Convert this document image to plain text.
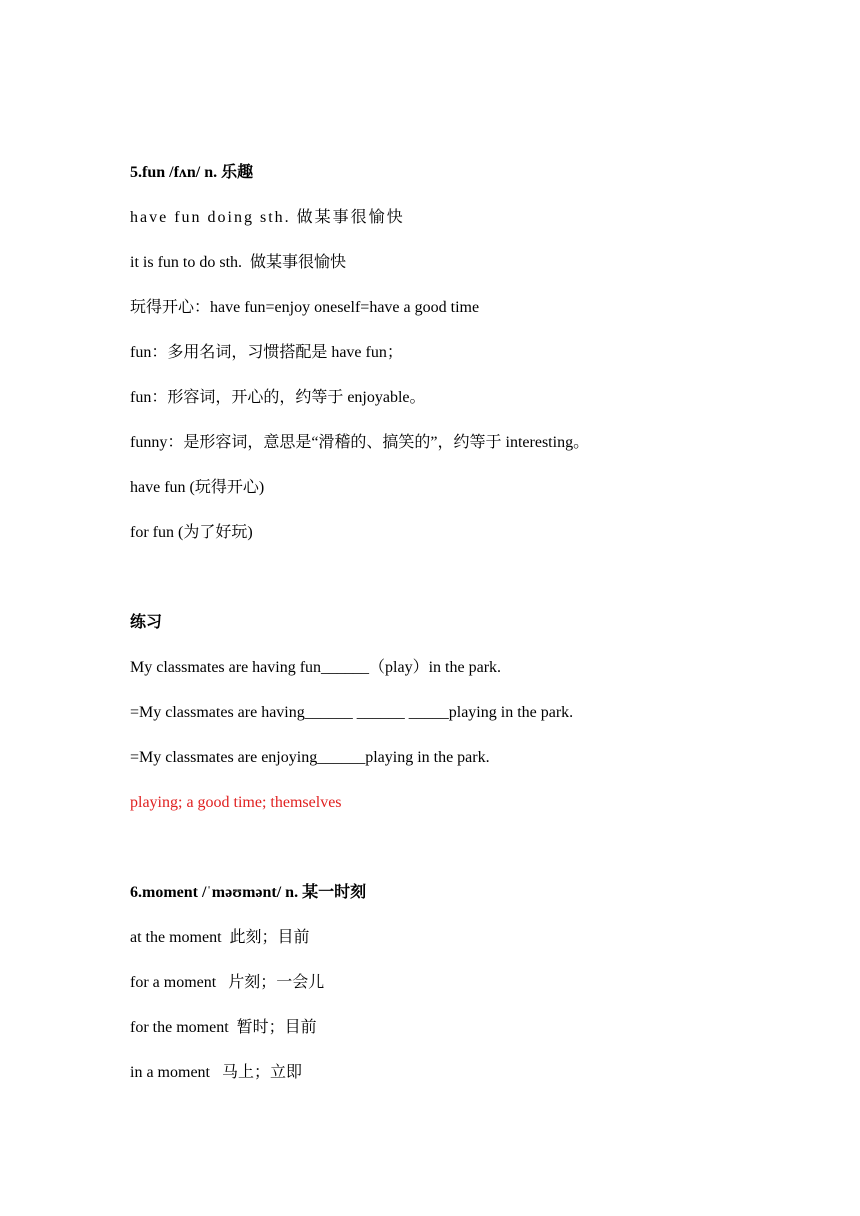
5.fun /fʌn/ n. 乐趣
have fun doing sth. 做某事很愉快
it is fun to do sth.  做某事很愉快
玩得开心：have fun=enjoy oneself=have a good time
fun：多用名词，习惯搭配是 have fun；
fun：形容词，开心的，约等于 enjoyable。
funny：是形容词，意思是“滑稽的、搞笑的”，约等于 interesting。
have fun (玩得开心)
for fun (为了好玩)
练习
My classmates are having fun______（play）in the park.
=My classmates are having______ ______ _____playing in the park.
=My classmates are enjoying______playing in the park.
playing; a good time; themselves
6.moment /ˈməʊmənt/ n. 某一时刻
at the moment  此刻；目前
for a moment   片刻；一会儿
for the moment  暂时；目前
in a moment   马上；立即
